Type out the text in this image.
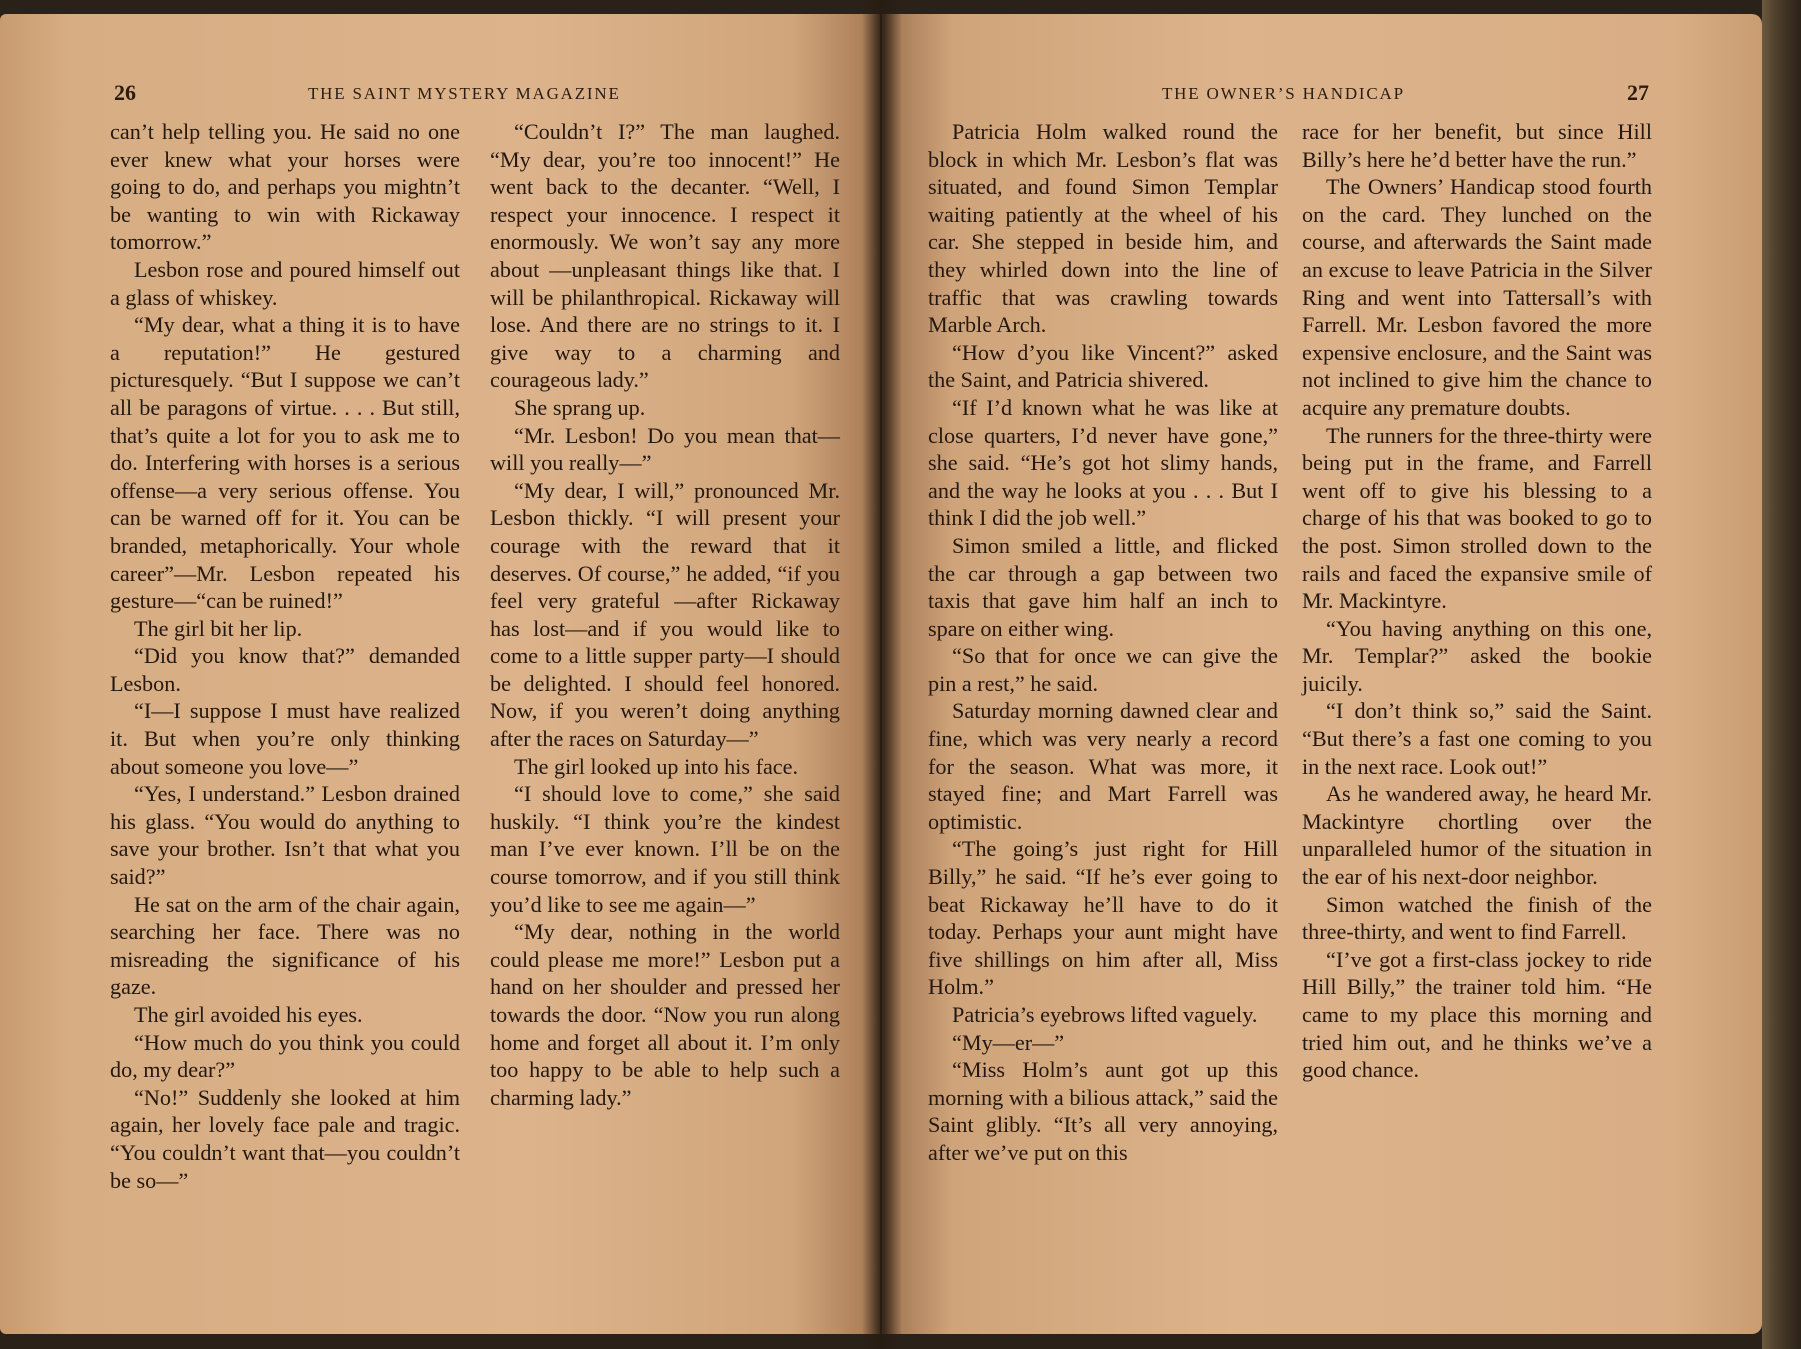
26	THE SAINT MYSTERY MAGAZINE

can’t help telling you. He said no one ever knew what your horses were going to do, and perhaps you mightn’t be wanting to win with Rickaway tomorrow.”

Lesbon rose and poured himself out a glass of whiskey.

“My dear, what a thing it is to have a reputation!” He gestured picturesquely. “But I suppose we can’t all be paragons of virtue. . . . But still, that’s quite a lot for you to ask me to do. Interfering with horses is a serious offense—a very serious offense. You can be warned off for it. You can be branded, metaphorically. Your whole career”—Mr. Lesbon repeated his gesture—“can be ruined!”

The girl bit her lip.

“Did you know that?” demanded Lesbon.

“I—I suppose I must have realized it. But when you’re only thinking about someone you love—”

“Yes, I understand.” Lesbon drained his glass. “You would do anything to save your brother. Isn’t that what you said?”

He sat on the arm of the chair again, searching her face. There was no misreading the significance of his gaze.

The girl avoided his eyes.

“How much do you think you could do, my dear?”

“No!” Suddenly she looked at him again, her lovely face pale and tragic. “You couldn’t want that—you couldn’t be so—”

“Couldn’t I?” The man laughed. “My dear, you’re too innocent!” He went back to the decanter. “Well, I respect your innocence. I respect it enormously. We won’t say any more about —unpleasant things like that. I will be philanthropical. Rickaway will lose. And there are no strings to it. I give way to a charming and courageous lady.”

She sprang up.

“Mr. Lesbon! Do you mean that—will you really—”

“My dear, I will,” pronounced Mr. Lesbon thickly. “I will present your courage with the reward that it deserves. Of course,” he added, “if you feel very grateful —after Rickaway has lost—and if you would like to come to a little supper party—I should be delighted. I should feel honored. Now, if you weren’t doing anything after the races on Saturday—”

The girl looked up into his face.

“I should love to come,” she said huskily. “I think you’re the kindest man I’ve ever known. I’ll be on the course tomorrow, and if you still think you’d like to see me again—”

“My dear, nothing in the world could please me more!” Lesbon put a hand on her shoulder and pressed her towards the door. “Now you run along home and forget all about it. I’m only too happy to be able to help such a charming lady.”

THE OWNER’S HANDICAP	27

Patricia Holm walked round the block in which Mr. Lesbon’s flat was situated, and found Simon Templar waiting patiently at the wheel of his car. She stepped in beside him, and they whirled down into the line of traffic that was crawling towards Marble Arch.

“How d’you like Vincent?” asked the Saint, and Patricia shivered.

“If I’d known what he was like at close quarters, I’d never have gone,” she said. “He’s got hot slimy hands, and the way he looks at you . . . But I think I did the job well.”

Simon smiled a little, and flicked the car through a gap between two taxis that gave him half an inch to spare on either wing.

“So that for once we can give the pin a rest,” he said.

Saturday morning dawned clear and fine, which was very nearly a record for the season. What was more, it stayed fine; and Mart Farrell was optimistic.

“The going’s just right for Hill Billy,” he said. “If he’s ever going to beat Rickaway he’ll have to do it today. Perhaps your aunt might have five shillings on him after all, Miss Holm.”

Patricia’s eyebrows lifted vaguely.

“My—er—”

“Miss Holm’s aunt got up this morning with a bilious attack,” said the Saint glibly. “It’s all very annoying, after we’ve put on this

race for her benefit, but since Hill Billy’s here he’d better have the run.”

The Owners’ Handicap stood fourth on the card. They lunched on the course, and afterwards the Saint made an excuse to leave Patricia in the Silver Ring and went into Tattersall’s with Farrell. Mr. Lesbon favored the more expensive enclosure, and the Saint was not inclined to give him the chance to acquire any premature doubts.

The runners for the three-thirty were being put in the frame, and Farrell went off to give his blessing to a charge of his that was booked to go to the post. Simon strolled down to the rails and faced the expansive smile of Mr. Mackintyre.

“You having anything on this one, Mr. Templar?” asked the bookie juicily.

“I don’t think so,” said the Saint. “But there’s a fast one coming to you in the next race. Look out!”

As he wandered away, he heard Mr. Mackintyre chortling over the unparalleled humor of the situation in the ear of his next-door neighbor.

Simon watched the finish of the three-thirty, and went to find Farrell.

“I’ve got a first-class jockey to ride Hill Billy,” the trainer told him. “He came to my place this morning and tried him out, and he thinks we’ve a good chance.
